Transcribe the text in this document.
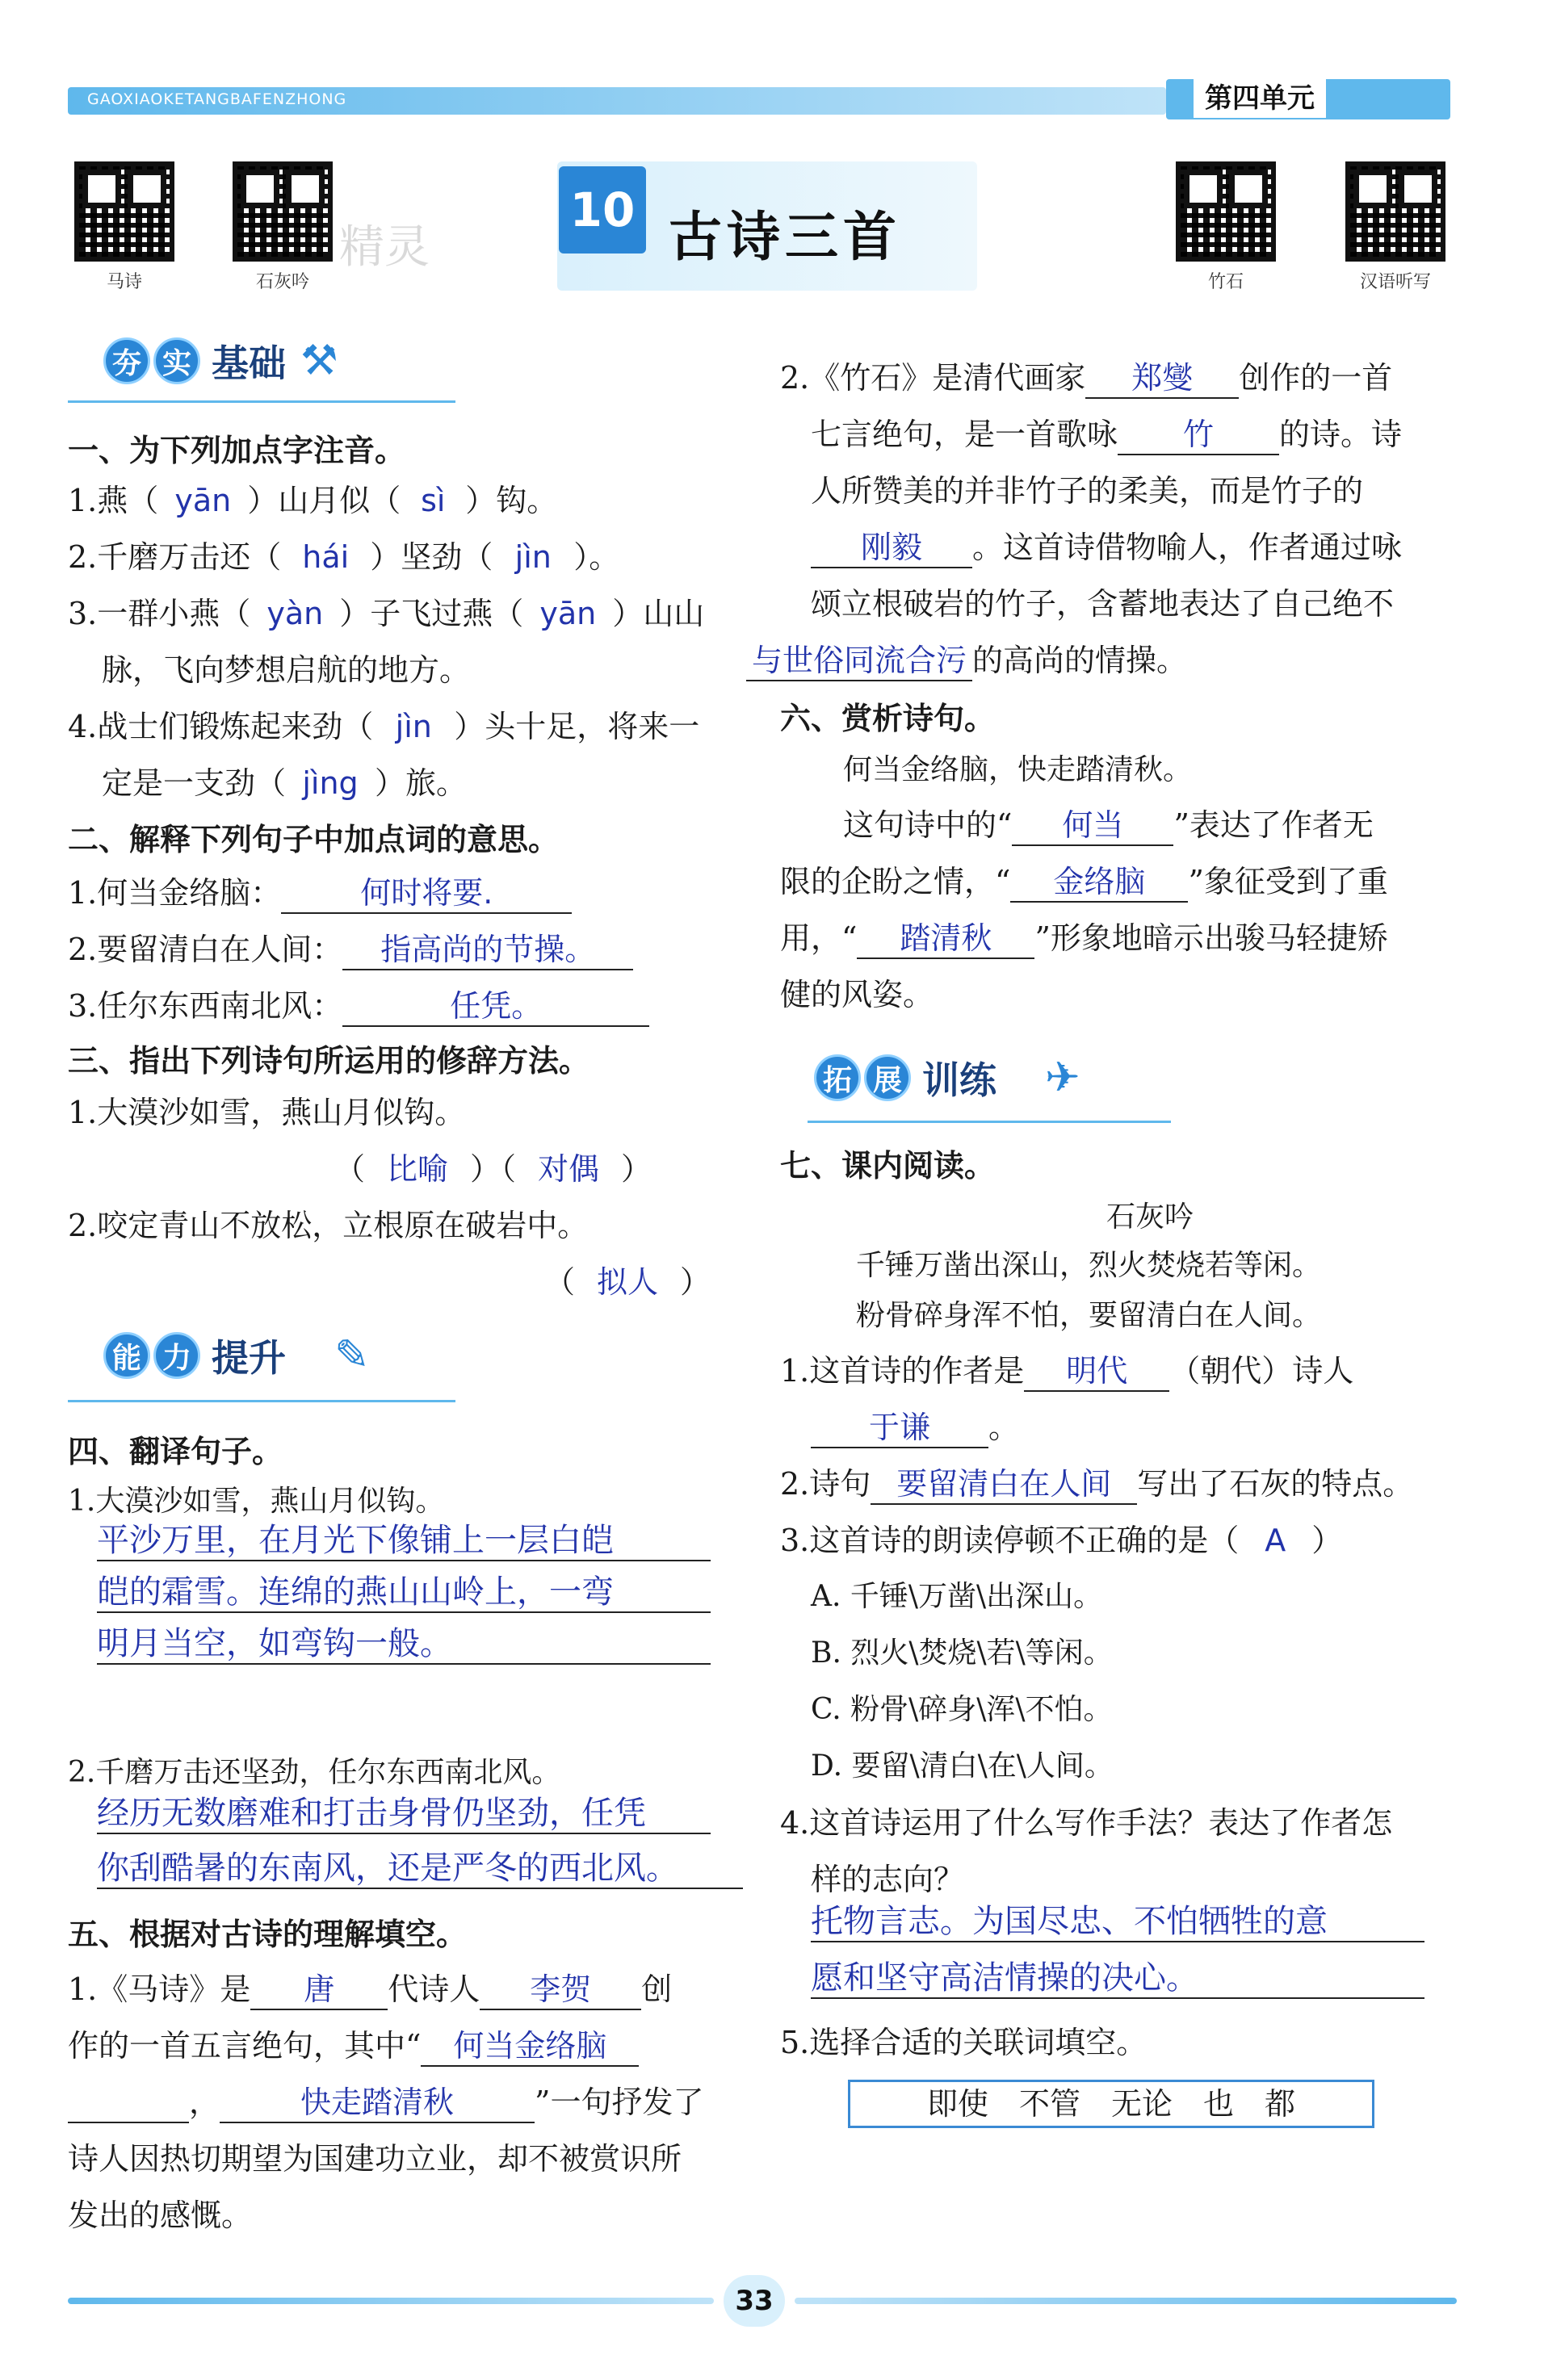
GAOXIAOKETANGBAFENZHONG	第四单元
马诗	石灰吟
精灵
10 古诗三首
竹石	汉语听写
夯 实 基础 ⚒
一、为下列加点字注音。
1.燕（ yān ）山月似（ sì ）钩。
2.千磨万击还（ hái ）坚劲（ jìn ）。
3.一群小燕（ yàn ）子飞过燕（ yān ）山山
脉，飞向梦想启航的地方。
4.战士们锻炼起来劲（ jìn ）头十足，将来一
定是一支劲（ jìng ）旅。
二、解释下列句子中加点词的意思。
1.何当金络脑：	何时将要.
2.要留清白在人间： 指高尚的节操。
3.任尔东西南北风：	任凭。
三、指出下列诗句所运用的修辞方法。
1.大漠沙如雪，燕山月似钩。
（ 比喻 ）（ 对偶 ）
2.咬定青山不放松，立根原在破岩中。
（ 拟人 ）
能 力 提升 ✎
四、翻译句子。
1.大漠沙如雪，燕山月似钩。
平沙万里，在月光下像铺上一层白皑
皑的霜雪。连绵的燕山山岭上，一弯
明月当空，如弯钩一般。
2.千磨万击还坚劲，任尔东西南北风。
经历无数磨难和打击身骨仍坚劲，任凭
你刮酷暑的东南风，还是严冬的西北风。
五、根据对古诗的理解填空。
1.《马诗》是 唐 代诗人 李贺 创
作的一首五言绝句，其中“ 何当金络脑
，	快走踏清秋	”一句抒发了
诗人因热切期望为国建功立业，却不被赏识所
发出的感慨。
2.《竹石》是清代画家 郑燮 创作的一首
七言绝句，是一首歌咏 竹 的诗。诗
人所赞美的并非竹子的柔美，而是竹子的
刚毅 。这首诗借物喻人，作者通过咏
颂立根破岩的竹子，含蓄地表达了自己绝不
与世俗同流合污 的高尚的情操。
六、赏析诗句。
何当金络脑，快走踏清秋。
这句诗中的“ 何当 ”表达了作者无
限的企盼之情，“ 金络脑 ”象征受到了重
用，“ 踏清秋 ”形象地暗示出骏马轻捷矫
健的风姿。
拓 展 训练 ✈
七、课内阅读。
石灰吟
千锤万凿出深山，烈火焚烧若等闲。
粉骨碎身浑不怕，要留清白在人间。
1.这首诗的作者是 明代 （朝代）诗人
于谦 。
2.诗句 要留清白在人间 写出了石灰的特点。
3.这首诗的朗读停顿不正确的是（ A ）
A. 千锤\万凿\出深山。
B. 烈火\焚烧\若\等闲。
C. 粉骨\碎身\浑\不怕。
D. 要留\清白\在\人间。
4.这首诗运用了什么写作手法？表达了作者怎
样的志向？
托物言志。为国尽忠、不怕牺牲的意
愿和坚守高洁情操的决心。
5.选择合适的关联词填空。
即使　不管　无论　也　都
33
